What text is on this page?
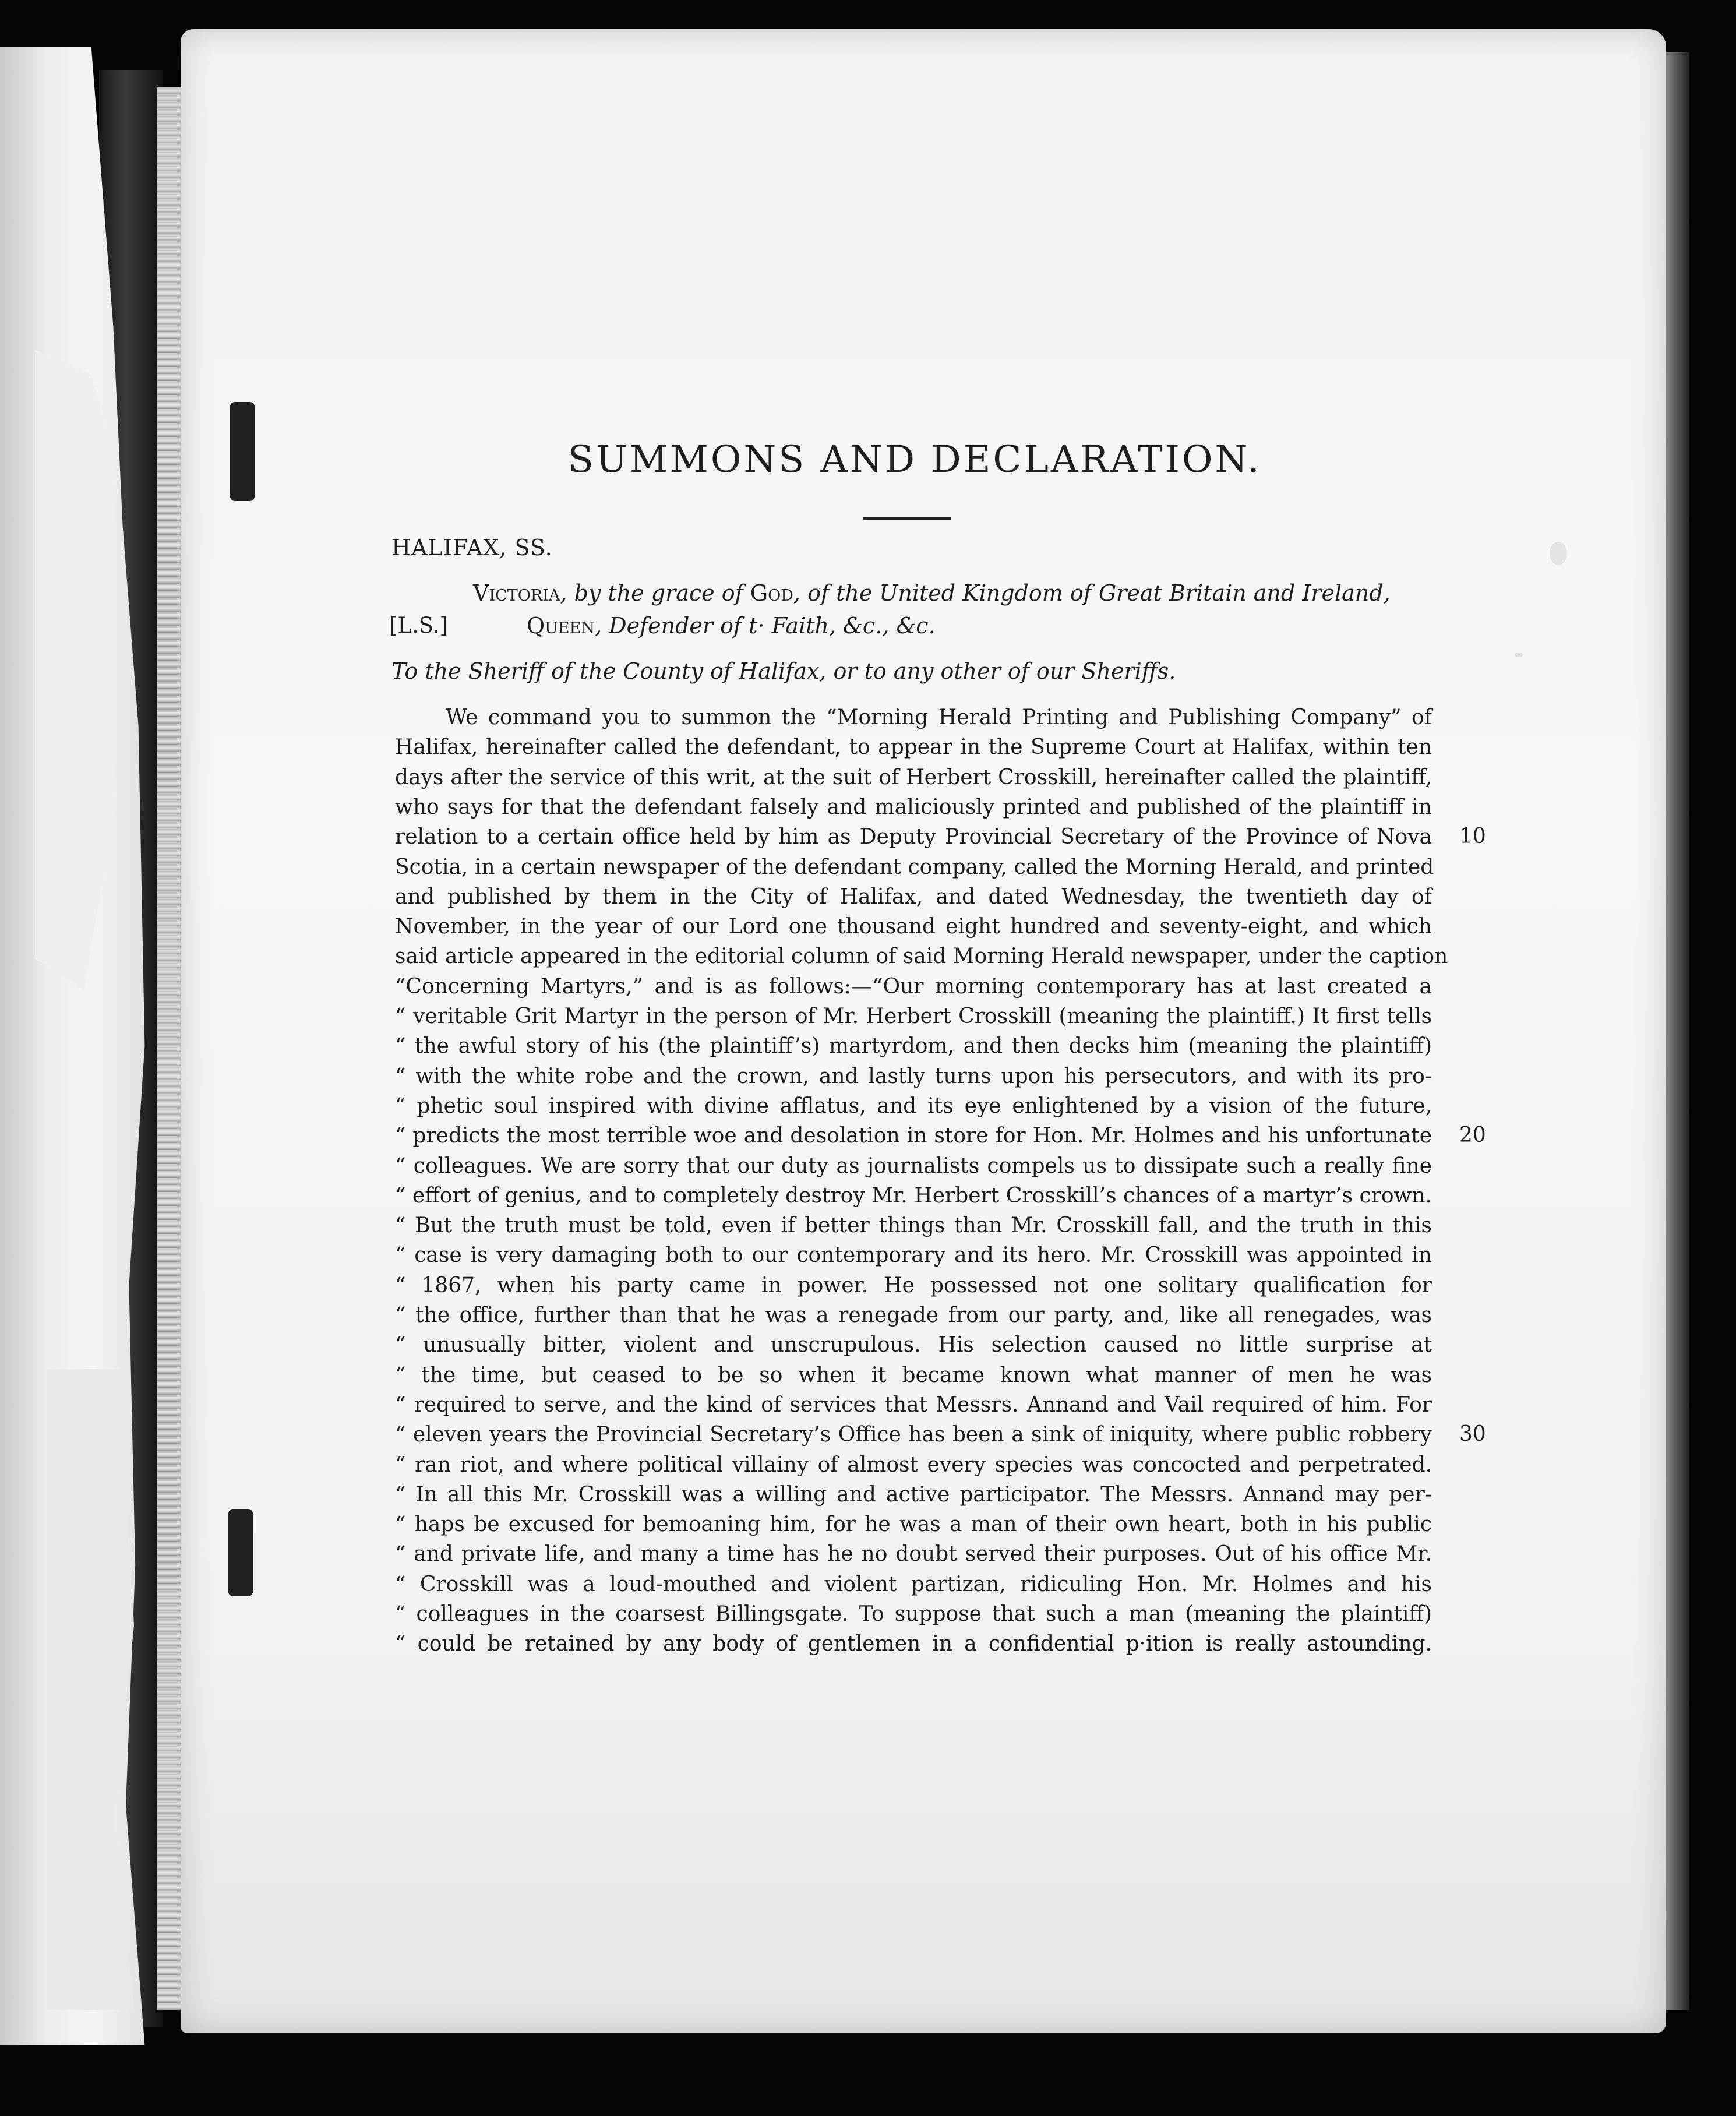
SUMMONS AND DECLARATION.
HALIFAX, SS.
Victoria, by the grace of God, of the United Kingdom of Great Britain and Ireland,
[L.S.]	Queen, Defender of t· Faith, &c., &c.
To the Sheriff of the County of Halifax, or to any other of our Sheriffs.
We command you to summon the “Morning Herald Printing and Publishing Company” of
Halifax, hereinafter called the defendant, to appear in the Supreme Court at Halifax, within ten
days after the service of this writ, at the suit of Herbert Crosskill, hereinafter called the plaintiff,
who says for that the defendant falsely and maliciously printed and published of the plaintiff in
relation to a certain office held by him as Deputy Provincial Secretary of the Province of Nova
Scotia, in a certain newspaper of the defendant company, called the Morning Herald, and printed
and published by them in the City of Halifax, and dated Wednesday, the twentieth day of
November, in the year of our Lord one thousand eight hundred and seventy-eight, and which
said article appeared in the editorial column of said Morning Herald newspaper, under the caption
“Concerning Martyrs,” and is as follows:—“Our morning contemporary has at last created a
“ veritable Grit Martyr in the person of Mr. Herbert Crosskill (meaning the plaintiff.) It first tells
“ the awful story of his (the plaintiff’s) martyrdom, and then decks him (meaning the plaintiff)
“ with the white robe and the crown, and lastly turns upon his persecutors, and with its pro-
“ phetic soul inspired with divine afflatus, and its eye enlightened by a vision of the future,
“ predicts the most terrible woe and desolation in store for Hon. Mr. Holmes and his unfortunate
“ colleagues. We are sorry that our duty as journalists compels us to dissipate such a really fine
“ effort of genius, and to completely destroy Mr. Herbert Crosskill’s chances of a martyr’s crown.
“ But the truth must be told, even if better things than Mr. Crosskill fall, and the truth in this
“ case is very damaging both to our contemporary and its hero. Mr. Crosskill was appointed in
“ 1867, when his party came in power. He possessed not one solitary qualification for
“ the office, further than that he was a renegade from our party, and, like all renegades, was
“ unusually bitter, violent and unscrupulous. His selection caused no little surprise at
“ the time, but ceased to be so when it became known what manner of men he was
“ required to serve, and the kind of services that Messrs. Annand and Vail required of him. For
“ eleven years the Provincial Secretary’s Office has been a sink of iniquity, where public robbery
“ ran riot, and where political villainy of almost every species was concocted and perpetrated.
“ In all this Mr. Crosskill was a willing and active participator. The Messrs. Annand may per-
“ haps be excused for bemoaning him, for he was a man of their own heart, both in his public
“ and private life, and many a time has he no doubt served their purposes. Out of his office Mr.
“ Crosskill was a loud-mouthed and violent partizan, ridiculing Hon. Mr. Holmes and his
“ colleagues in the coarsest Billingsgate. To suppose that such a man (meaning the plaintiff)
“ could be retained by any body of gentlemen in a confidential p·ition is really astounding.
10
20
30
